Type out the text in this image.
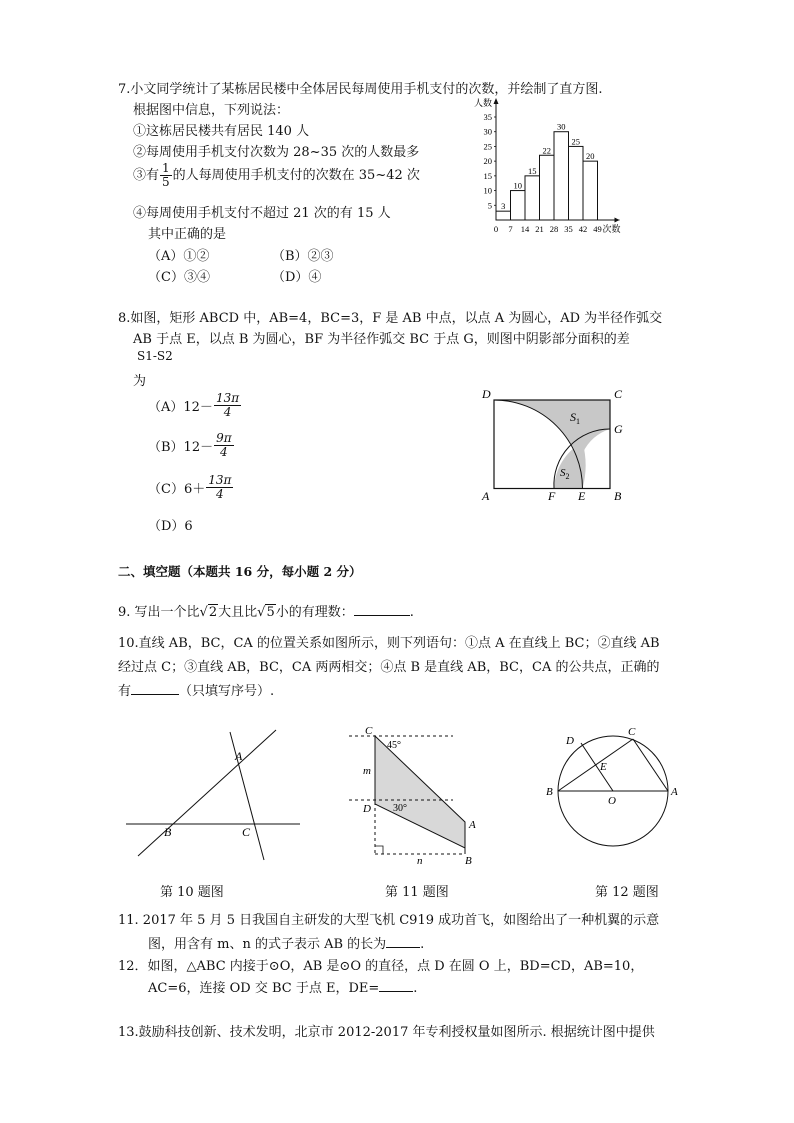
7.小文同学统计了某栋居民楼中全体居民每周使用手机支付的次数，并绘制了直方图.
根据图中信息，下列说法：
①这栋居民楼共有居民 140 人
②每周使用手机支付次数为 28~35 次的人数最多
③有 $\frac{1}{5}$ 的人每周使用手机支付的次数在 35~42 次
④每周使用手机支付不超过 21 次的有 15 人
其中正确的是
（A）①②	（B）②③
（C）③④	（D）④
人数
次数
5
10
15
20
25
30
35
0 7 14 21 28 35 42 49
3
10
15
22
30
25
20
8.如图，矩形 ABCD 中，AB=4，BC=3，F 是 AB 中点，以点 A 为圆心，AD 为半径作弧交
AB 于点 E，以点 B 为圆心，BF 为半径作弧交 BC 于点 G，则图中阴影部分面积的差
S1-S2
为
$(A)12- \frac{13\pi}{4}$
$(B)12- \frac{9\pi}{4}$
$(C)6+ \frac{13\pi}{4}$
（D）6
D	C
G
A	F E B
$S_1$
$S_2$
二、填空题（本题共 16 分，每小题 2 分）
9. 写出一个比√2大且比√5小的有理数：	.
10.直线 AB，BC，CA 的位置关系如图所示，则下列语句：①点 A 在直线上 BC；②直线 AB
经过点 C；③直线 AB，BC，CA 两两相交；④点 B 是直线 AB，BC，CA 的公共点，正确的
有	（只填写序号）.
A
B	C
第 10 题图
C
45°
m
D 30°
A
n	B
第 11 题图
D
C
E
B
O
A
第 12 题图
11. 2017 年 5 月 5 日我国自主研发的大型飞机 C919 成功首飞，如图给出了一种机翼的示意
图，用含有 m、n 的式子表示 AB 的长为	.
12．如图，△ABC 内接于⊙O，AB 是⊙O 的直径，点 D 在圆 O 上，BD=CD，AB=10，
AC=6，连接 OD 交 BC 于点 E，DE=	.
13.鼓励科技创新、技术发明，北京市 2012-2017 年专利授权量如图所示. 根据统计图中提供
